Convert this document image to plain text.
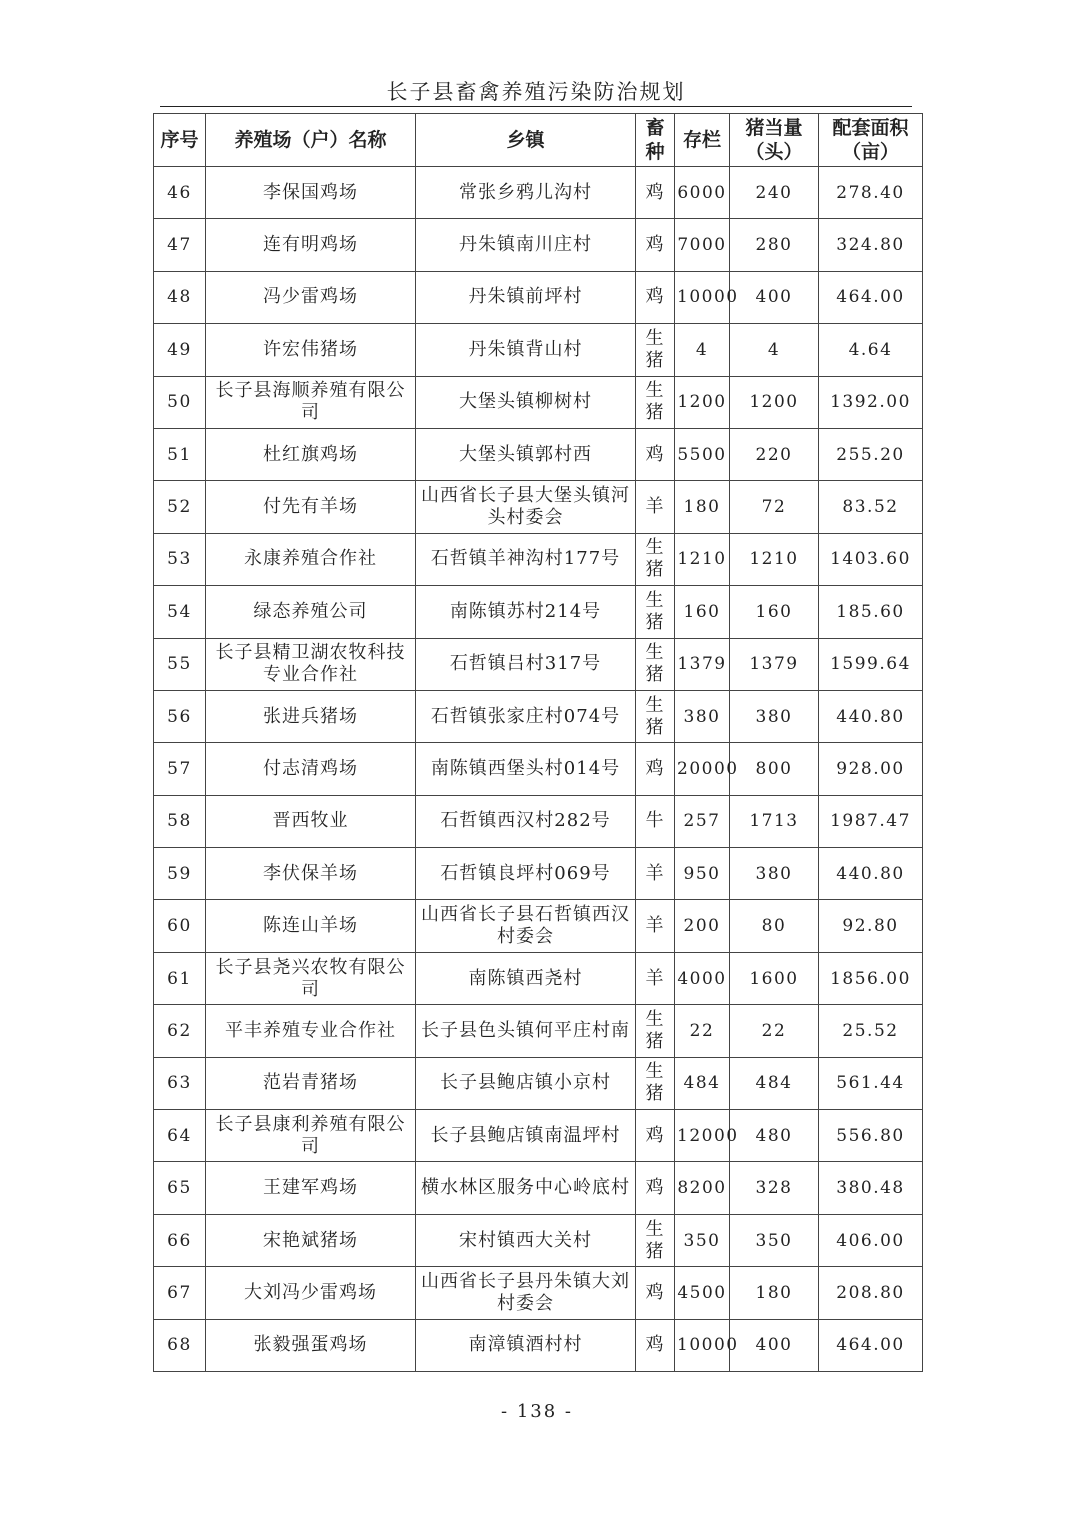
长子县畜禽养殖污染防治规划
序号	养殖场（户）名称	乡镇	畜种	存栏	猪当量（头）	配套面积（亩）
46	李保国鸡场	常张乡鸦儿沟村	鸡	6000	240	278.40
47	连有明鸡场	丹朱镇南川庄村	鸡	7000	280	324.80
48	冯少雷鸡场	丹朱镇前坪村	鸡	10000	400	464.00
49	许宏伟猪场	丹朱镇背山村	生猪	4	4	4.64
50	长子县海顺养殖有限公司	大堡头镇柳树村	生猪	1200	1200	1392.00
51	杜红旗鸡场	大堡头镇郭村西	鸡	5500	220	255.20
52	付先有羊场	山西省长子县大堡头镇河头村委会	羊	180	72	83.52
53	永康养殖合作社	石哲镇羊神沟村177号	生猪	1210	1210	1403.60
54	绿态养殖公司	南陈镇苏村214号	生猪	160	160	185.60
55	长子县精卫湖农牧科技专业合作社	石哲镇吕村317号	生猪	1379	1379	1599.64
56	张进兵猪场	石哲镇张家庄村074号	生猪	380	380	440.80
57	付志清鸡场	南陈镇西堡头村014号	鸡	20000	800	928.00
58	晋西牧业	石哲镇西汉村282号	牛	257	1713	1987.47
59	李伏保羊场	石哲镇良坪村069号	羊	950	380	440.80
60	陈连山羊场	山西省长子县石哲镇西汉村委会	羊	200	80	92.80
61	长子县尧兴农牧有限公司	南陈镇西尧村	羊	4000	1600	1856.00
62	平丰养殖专业合作社	长子县色头镇何平庄村南	生猪	22	22	25.52
63	范岩青猪场	长子县鲍店镇小京村	生猪	484	484	561.44
64	长子县康利养殖有限公司	长子县鲍店镇南温坪村	鸡	12000	480	556.80
65	王建军鸡场	横水林区服务中心岭底村	鸡	8200	328	380.48
66	宋艳斌猪场	宋村镇西大关村	生猪	350	350	406.00
67	大刘冯少雷鸡场	山西省长子县丹朱镇大刘村委会	鸡	4500	180	208.80
68	张毅强蛋鸡场	南漳镇酒村村	鸡	10000	400	464.00
- 138 -
